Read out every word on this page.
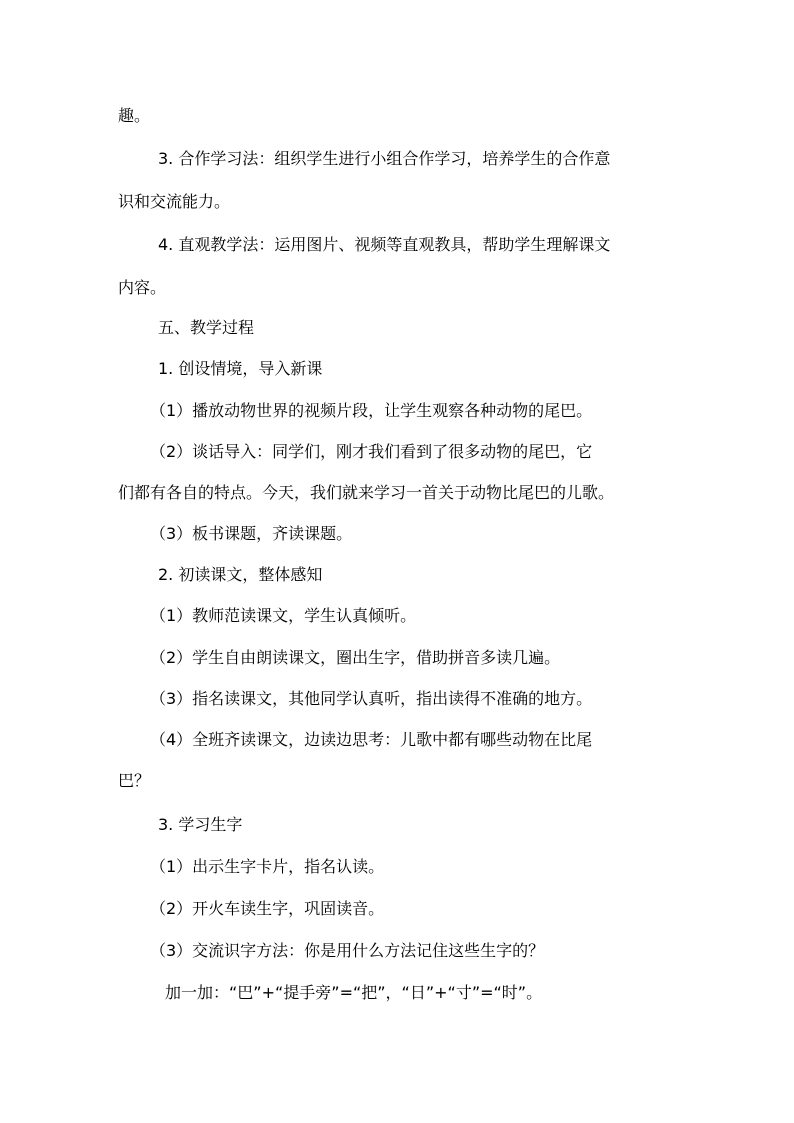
趣。
3. 合作学习法：组织学生进行小组合作学习，培养学生的合作意
识和交流能力。
4. 直观教学法：运用图片、视频等直观教具，帮助学生理解课文
内容。
五、教学过程
1. 创设情境，导入新课
（1）播放动物世界的视频片段，让学生观察各种动物的尾巴。
（2）谈话导入：同学们，刚才我们看到了很多动物的尾巴，它
们都有各自的特点。今天，我们就来学习一首关于动物比尾巴的儿歌。
（3）板书课题，齐读课题。
2. 初读课文，整体感知
（1）教师范读课文，学生认真倾听。
（2）学生自由朗读课文，圈出生字，借助拼音多读几遍。
（3）指名读课文，其他同学认真听，指出读得不准确的地方。
（4）全班齐读课文，边读边思考：儿歌中都有哪些动物在比尾
巴？
3. 学习生字
（1）出示生字卡片，指名认读。
（2）开火车读生字，巩固读音。
（3）交流识字方法：你是用什么方法记住这些生字的？
加一加：“巴”+“提手旁”=“把”，“日”+“寸”=“时”。
